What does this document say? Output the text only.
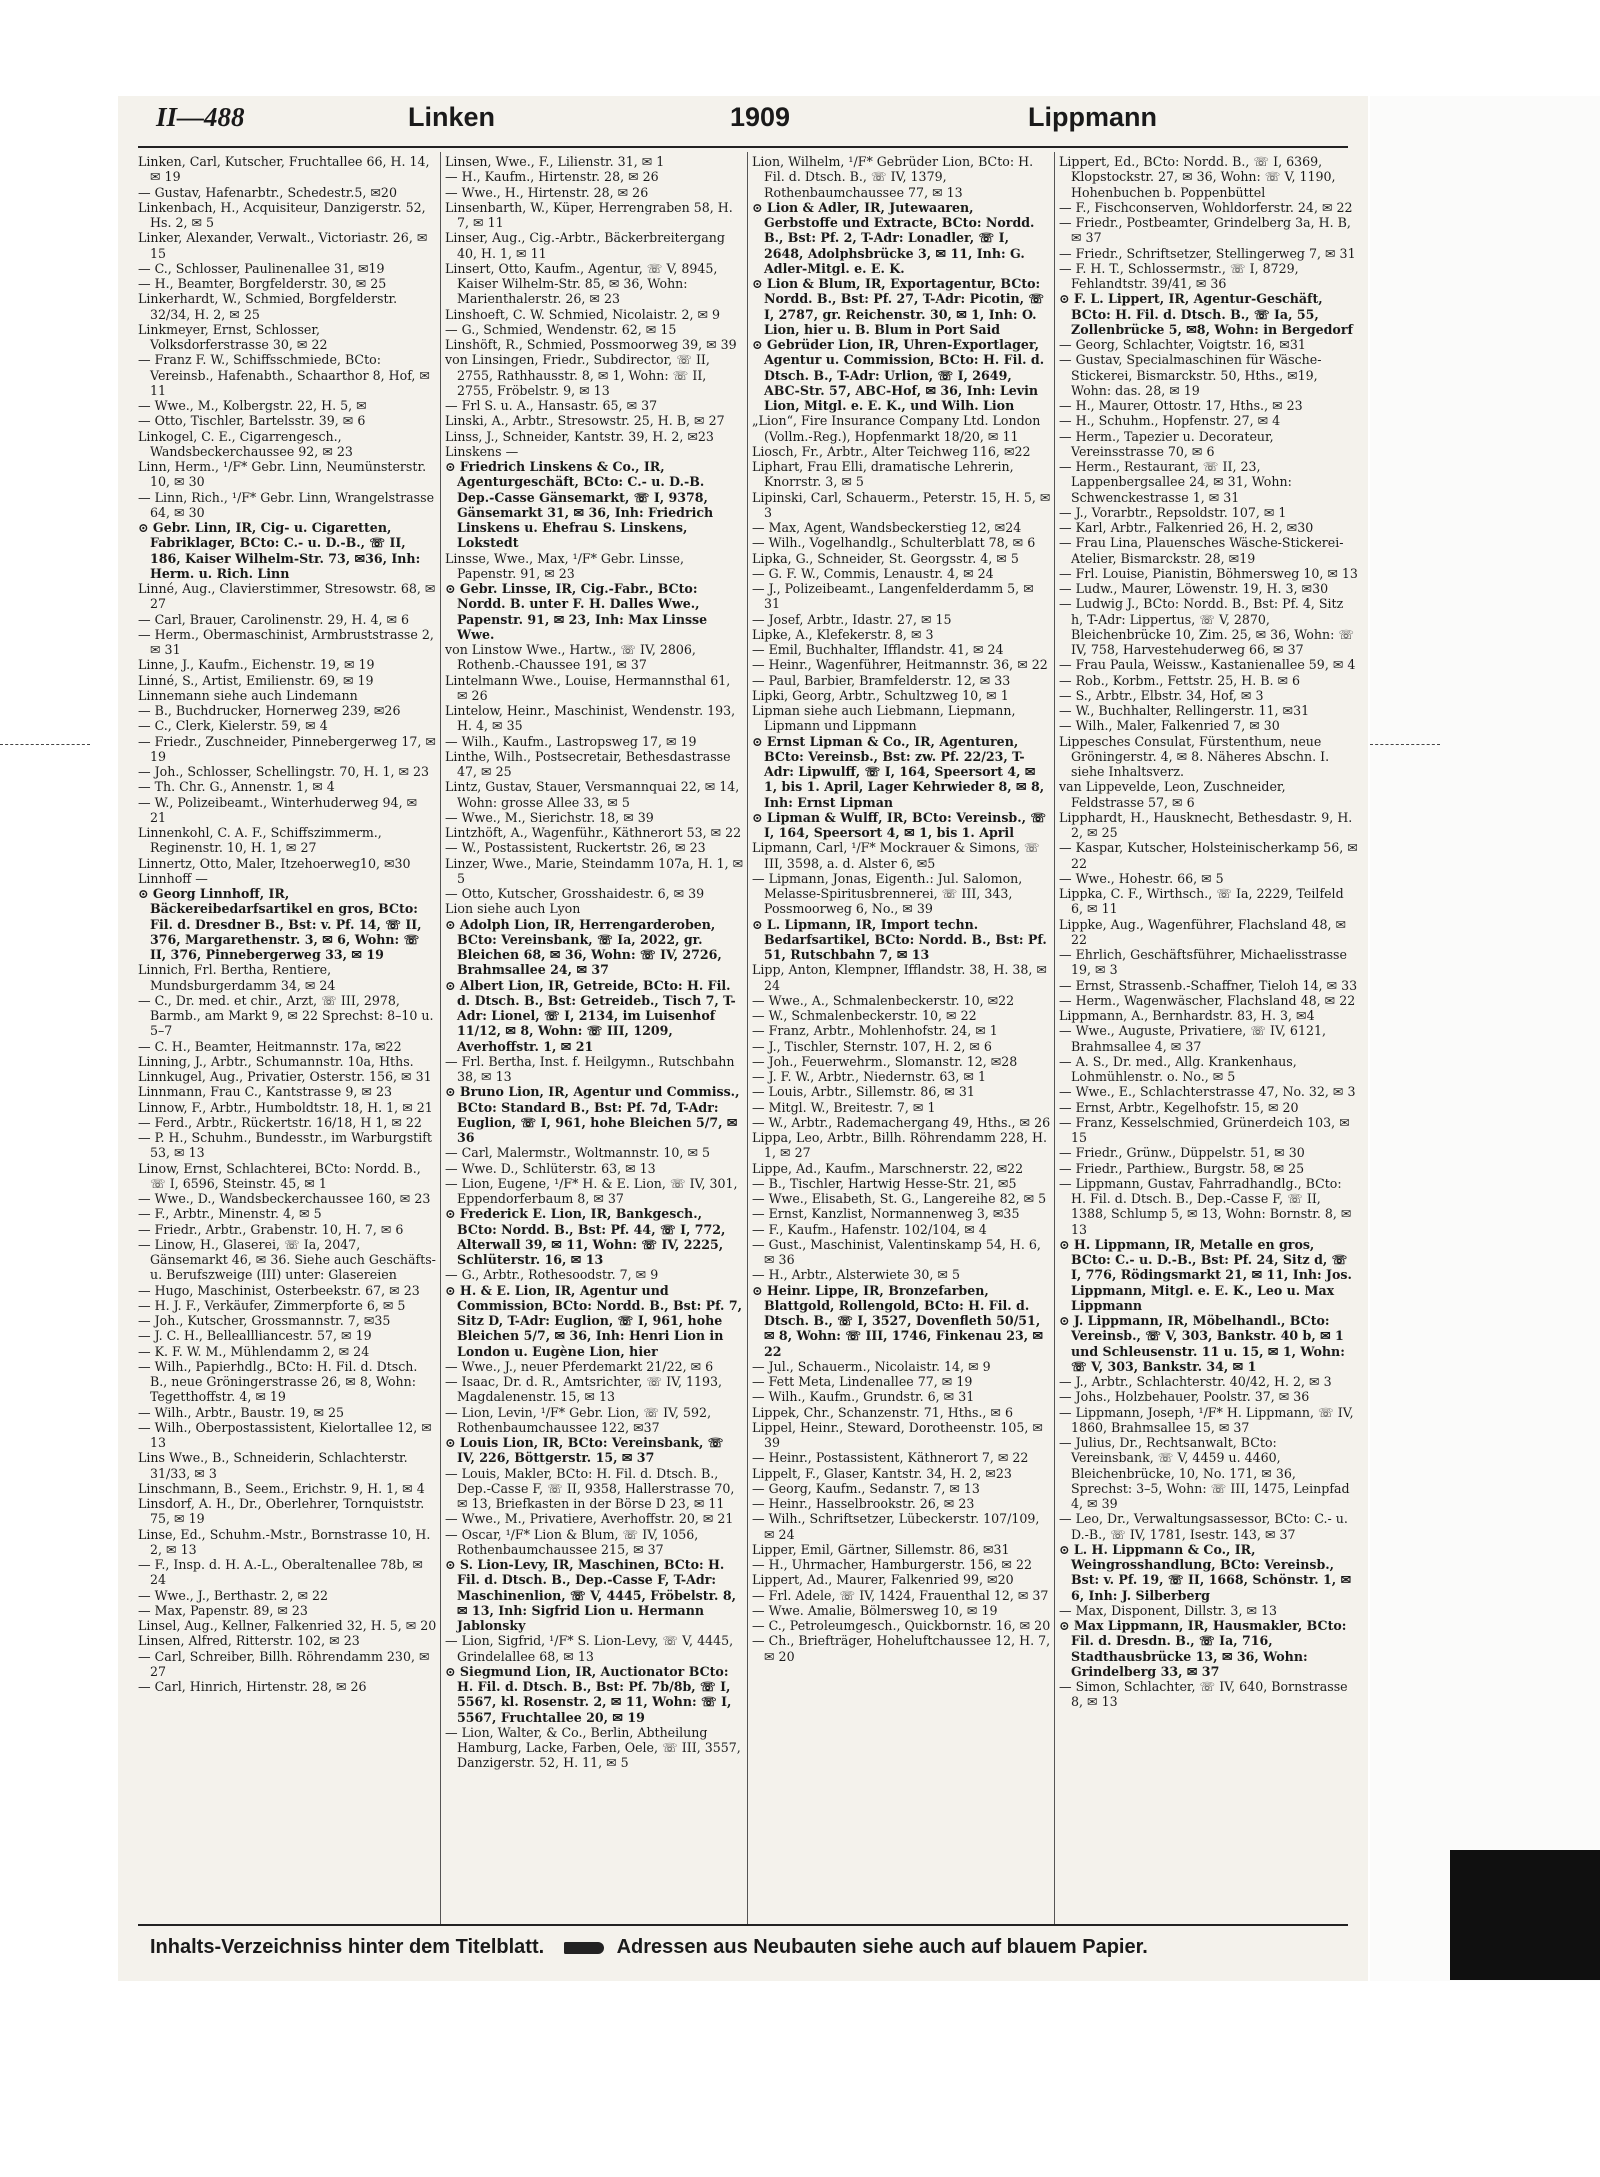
II—488	Linken	1909	Lippmann

Linken, Carl, Kutscher, Fruchtallee 66, H. 14, ✉ 19

— Gustav, Hafenarbtr., Schedestr.5, ✉20

Linkenbach, H., Acquisiteur, Danzigerstr. 52, Hs. 2, ✉ 5

Linker, Alexander, Verwalt., Victoriastr. 26, ✉ 15

— C., Schlosser, Paulinenallee 31, ✉19

— H., Beamter, Borgfelderstr. 30, ✉ 25

Linkerhardt, W., Schmied, Borgfelderstr. 32/34, H. 2, ✉ 25

Linkmeyer, Ernst, Schlosser, Volksdorferstrasse 30, ✉ 22

— Franz F. W., Schiffsschmiede, BCto: Vereinsb., Hafenabth., Schaarthor 8, Hof, ✉ 11

— Wwe., M., Kolbergstr. 22, H. 5, ✉

— Otto, Tischler, Bartelsstr. 39, ✉ 6

Linkogel, C. E., Cigarrengesch., Wandsbeckerchaussee 92, ✉ 23

Linn, Herm., ¹/F* Gebr. Linn, Neumünsterstr. 10, ✉ 30

— Linn, Rich., ¹/F* Gebr. Linn, Wrangelstrasse 64, ✉ 30

⊙ Gebr. Linn, IR, Cig- u. Cigaretten, Fabriklager, BCto: C.- u. D.-B., ☏ II, 186, Kaiser Wilhelm-Str. 73, ✉36, Inh: Herm. u. Rich. Linn

Linné, Aug., Clavierstimmer, Stresowstr. 68, ✉ 27

— Carl, Brauer, Carolinenstr. 29, H. 4, ✉ 6

— Herm., Obermaschinist, Armbruststrasse 2, ✉ 31

Linne, J., Kaufm., Eichenstr. 19, ✉ 19

Linné, S., Artist, Emilienstr. 69, ✉ 19

Linnemann siehe auch Lindemann

— B., Buchdrucker, Hornerweg 239, ✉26

— C., Clerk, Kielerstr. 59, ✉ 4

— Friedr., Zuschneider, Pinnebergerweg 17, ✉ 19

— Joh., Schlosser, Schellingstr. 70, H. 1, ✉ 23

— Th. Chr. G., Annenstr. 1, ✉ 4

— W., Polizeibeamt., Winterhuderweg 94, ✉ 21

Linnenkohl, C. A. F., Schiffszimmerm., Reginenstr. 10, H. 1, ✉ 27

Linnertz, Otto, Maler, Itzehoerweg10, ✉30

Linnhoff —

⊙ Georg Linnhoff, IR, Bäckereibedarfsartikel en gros, BCto: Fil. d. Dresdner B., Bst: v. Pf. 14, ☏ II, 376, Margarethenstr. 3, ✉ 6, Wohn: ☏ II, 376, Pinnebergerweg 33, ✉ 19

Linnich, Frl. Bertha, Rentiere, Mundsburgerdamm 34, ✉ 24

— C., Dr. med. et chir., Arzt, ☏ III, 2978, Barmb., am Markt 9, ✉ 22 Sprechst: 8–10 u. 5–7

— C. H., Beamter, Heitmannstr. 17a, ✉22

Linning, J., Arbtr., Schumannstr. 10a, Hths.

Linnkugel, Aug., Privatier, Osterstr. 156, ✉ 31

Linnmann, Frau C., Kantstrasse 9, ✉ 23

Linnow, F., Arbtr., Humboldtstr. 18, H. 1, ✉ 21

— Ferd., Arbtr., Rückertstr. 16/18, H 1, ✉ 22

— P. H., Schuhm., Bundesstr., im Warburgstift 53, ✉ 13

Linow, Ernst, Schlachterei, BCto: Nordd. B., ☏ I, 6596, Steinstr. 45, ✉ 1

— Wwe., D., Wandsbeckerchaussee 160, ✉ 23

— F., Arbtr., Minenstr. 4, ✉ 5

— Friedr., Arbtr., Grabenstr. 10, H. 7, ✉ 6

— Linow, H., Glaserei, ☏ Ia, 2047, Gänsemarkt 46, ✉ 36. Siehe auch Geschäfts- u. Berufszweige (III) unter: Glasereien

— Hugo, Maschinist, Osterbeekstr. 67, ✉ 23

— H. J. F., Verkäufer, Zimmerpforte 6, ✉ 5

— Joh., Kutscher, Grossmannstr. 7, ✉35

— J. C. H., Belleallliancestr. 57, ✉ 19

— K. F. W. M., Mühlendamm 2, ✉ 24

— Wilh., Papierhdlg., BCto: H. Fil. d. Dtsch. B., neue Gröningerstrasse 26, ✉ 8, Wohn: Tegetthoffstr. 4, ✉ 19

— Wilh., Arbtr., Baustr. 19, ✉ 25

— Wilh., Oberpostassistent, Kielortallee 12, ✉ 13

Lins Wwe., B., Schneiderin, Schlachterstr. 31/33, ✉ 3

Linschmann, B., Seem., Erichstr. 9, H. 1, ✉ 4

Linsdorf, A. H., Dr., Oberlehrer, Tornquiststr. 75, ✉ 19

Linse, Ed., Schuhm.-Mstr., Bornstrasse 10, H. 2, ✉ 13

— F., Insp. d. H. A.-L., Oberaltenallee 78b, ✉ 24

— Wwe., J., Berthastr. 2, ✉ 22

— Max, Papenstr. 89, ✉ 23

Linsel, Aug., Kellner, Falkenried 32, H. 5, ✉ 20

Linsen, Alfred, Ritterstr. 102, ✉ 23

— Carl, Schreiber, Billh. Röhrendamm 230, ✉ 27

— Carl, Hinrich, Hirtenstr. 28, ✉ 26

Linsen, Wwe., F., Lilienstr. 31, ✉ 1

— H., Kaufm., Hirtenstr. 28, ✉ 26

— Wwe., H., Hirtenstr. 28, ✉ 26

Linsenbarth, W., Küper, Herrengraben 58, H. 7, ✉ 11

Linser, Aug., Cig.-Arbtr., Bäckerbreitergang 40, H. 1, ✉ 11

Linsert, Otto, Kaufm., Agentur, ☏ V, 8945, Kaiser Wilhelm-Str. 85, ✉ 36, Wohn: Marienthalerstr. 26, ✉ 23

Linshoeft, C. W. Schmied, Nicolaistr. 2, ✉ 9

— G., Schmied, Wendenstr. 62, ✉ 15

Linshöft, R., Schmied, Possmoorweg 39, ✉ 39

von Linsingen, Friedr., Subdirector, ☏ II, 2755, Rathhausstr. 8, ✉ 1, Wohn: ☏ II, 2755, Fröbelstr. 9, ✉ 13

— Frl S. u. A., Hansastr. 65, ✉ 37

Linski, A., Arbtr., Stresowstr. 25, H. B, ✉ 27

Linss, J., Schneider, Kantstr. 39, H. 2, ✉23

Linskens —

⊙ Friedrich Linskens & Co., IR, Agenturgeschäft, BCto: C.- u. D.-B. Dep.-Casse Gänsemarkt, ☏ I, 9378, Gänsemarkt 31, ✉ 36, Inh: Friedrich Linskens u. Ehefrau S. Linskens, Lokstedt

Linsse, Wwe., Max, ¹/F* Gebr. Linsse, Papenstr. 91, ✉ 23

⊙ Gebr. Linsse, IR, Cig.-Fabr., BCto: Nordd. B. unter F. H. Dalles Wwe., Papenstr. 91, ✉ 23, Inh: Max Linsse Wwe.

von Linstow Wwe., Hartw., ☏ IV, 2806, Rothenb.-Chaussee 191, ✉ 37

Lintelmann Wwe., Louise, Hermannsthal 61, ✉ 26

Lintelow, Heinr., Maschinist, Wendenstr. 193, H. 4, ✉ 35

— Wilh., Kaufm., Lastropsweg 17, ✉ 19

Linthe, Wilh., Postsecretair, Bethesdastrasse 47, ✉ 25

Lintz, Gustav, Stauer, Versmannquai 22, ✉ 14, Wohn: grosse Allee 33, ✉ 5

— Wwe., M., Sierichstr. 18, ✉ 39

Lintzhöft, A., Wagenführ., Käthnerort 53, ✉ 22

— W., Postassistent, Ruckertstr. 26, ✉ 23

Linzer, Wwe., Marie, Steindamm 107a, H. 1, ✉ 5

— Otto, Kutscher, Grosshaidestr. 6, ✉ 39

Lion siehe auch Lyon

⊙ Adolph Lion, IR, Herrengarderoben, BCto: Vereinsbank, ☏ Ia, 2022, gr. Bleichen 68, ✉ 36, Wohn: ☏ IV, 2726, Brahmsallee 24, ✉ 37

⊙ Albert Lion, IR, Getreide, BCto: H. Fil. d. Dtsch. B., Bst: Getreideb., Tisch 7, T-Adr: Lionel, ☏ I, 2134, im Luisenhof 11/12, ✉ 8, Wohn: ☏ III, 1209, Averhoffstr. 1, ✉ 21

— Frl. Bertha, Inst. f. Heilgymn., Rutschbahn 38, ✉ 13

⊙ Bruno Lion, IR, Agentur und Commiss., BCto: Standard B., Bst: Pf. 7d, T-Adr: Euglion, ☏ I, 961, hohe Bleichen 5/7, ✉ 36

— Carl, Malermstr., Woltmannstr. 10, ✉ 5

— Wwe. D., Schlüterstr. 63, ✉ 13

— Lion, Eugene, ¹/F* H. & E. Lion, ☏ IV, 301, Eppendorferbaum 8, ✉ 37

⊙ Frederick E. Lion, IR, Bankgesch., BCto: Nordd. B., Bst: Pf. 44, ☏ I, 772, Alterwall 39, ✉ 11, Wohn: ☏ IV, 2225, Schlüterstr. 16, ✉ 13

— G., Arbtr., Rothesoodstr. 7, ✉ 9

⊙ H. & E. Lion, IR, Agentur und Commission, BCto: Nordd. B., Bst: Pf. 7, Sitz D, T-Adr: Euglion, ☏ I, 961, hohe Bleichen 5/7, ✉ 36, Inh: Henri Lion in London u. Eugène Lion, hier

— Wwe., J., neuer Pferdemarkt 21/22, ✉ 6

— Isaac, Dr. d. R., Amtsrichter, ☏ IV, 1193, Magdalenenstr. 15, ✉ 13

— Lion, Levin, ¹/F* Gebr. Lion, ☏ IV, 592, Rothenbaumchaussee 122, ✉37

⊙ Louis Lion, IR, BCto: Vereinsbank, ☏ IV, 226, Böttgerstr. 15, ✉ 37

— Louis, Makler, BCto: H. Fil. d. Dtsch. B., Dep.-Casse F, ☏ II, 9358, Hallerstrasse 70, ✉ 13, Briefkasten in der Börse D 23, ✉ 11

— Wwe., M., Privatiere, Averhoffstr. 20, ✉ 21

— Oscar, ¹/F* Lion & Blum, ☏ IV, 1056, Rothenbaumchaussee 215, ✉ 37

⊙ S. Lion-Levy, IR, Maschinen, BCto: H. Fil. d. Dtsch. B., Dep.-Casse F, T-Adr: Maschinenlion, ☏ V, 4445, Fröbelstr. 8, ✉ 13, Inh: Sigfrid Lion u. Hermann Jablonsky

— Lion, Sigfrid, ¹/F* S. Lion-Levy, ☏ V, 4445, Grindelallee 68, ✉ 13

⊙ Siegmund Lion, IR, Auctionator BCto: H. Fil. d. Dtsch. B., Bst: Pf. 7b/8b, ☏ I, 5567, kl. Rosenstr. 2, ✉ 11, Wohn: ☏ I, 5567, Fruchtallee 20, ✉ 19

— Lion, Walter, & Co., Berlin, Abtheilung Hamburg, Lacke, Farben, Oele, ☏ III, 3557, Danzigerstr. 52, H. 11, ✉ 5

Lion, Wilhelm, ¹/F* Gebrüder Lion, BCto: H. Fil. d. Dtsch. B., ☏ IV, 1379, Rothenbaumchaussee 77, ✉ 13

⊙ Lion & Adler, IR, Jutewaaren, Gerbstoffe und Extracte, BCto: Nordd. B., Bst: Pf. 2, T-Adr: Lonadler, ☏ I, 2648, Adolphsbrücke 3, ✉ 11, Inh: G. Adler-Mitgl. e. E. K.

⊙ Lion & Blum, IR, Exportagentur, BCto: Nordd. B., Bst: Pf. 27, T-Adr: Picotin, ☏ I, 2787, gr. Reichenstr. 30, ✉ 1, Inh: O. Lion, hier u. B. Blum in Port Said

⊙ Gebrüder Lion, IR, Uhren-Exportlager, Agentur u. Commission, BCto: H. Fil. d. Dtsch. B., T-Adr: Urlion, ☏ I, 2649, ABC-Str. 57, ABC-Hof, ✉ 36, Inh: Levin Lion, Mitgl. e. E. K., und Wilh. Lion

„Lion“, Fire Insurance Company Ltd. London (Vollm.-Reg.), Hopfenmarkt 18/20, ✉ 11

Liosch, Fr., Arbtr., Alter Teichweg 116, ✉22

Liphart, Frau Elli, dramatische Lehrerin, Knorrstr. 3, ✉ 5

Lipinski, Carl, Schauerm., Peterstr. 15, H. 5, ✉ 3

— Max, Agent, Wandsbeckerstieg 12, ✉24

— Wilh., Vogelhandlg., Schulterblatt 78, ✉ 6

Lipka, G., Schneider, St. Georgsstr. 4, ✉ 5

— G. F. W., Commis, Lenaustr. 4, ✉ 24

— J., Polizeibeamt., Langenfelderdamm 5, ✉ 31

— Josef, Arbtr., Idastr. 27, ✉ 15

Lipke, A., Klefekerstr. 8, ✉ 3

— Emil, Buchhalter, Ifflandstr. 41, ✉ 24

— Heinr., Wagenführer, Heitmannstr. 36, ✉ 22

— Paul, Barbier, Bramfelderstr. 12, ✉ 33

Lipki, Georg, Arbtr., Schultzweg 10, ✉ 1

Lipman siehe auch Liebmann, Liepmann, Lipmann und Lippmann

⊙ Ernst Lipman & Co., IR, Agenturen, BCto: Vereinsb., Bst: zw. Pf. 22/23, T-Adr: Lipwulff, ☏ I, 164, Speersort 4, ✉ 1, bis 1. April, Lager Kehrwieder 8, ✉ 8, Inh: Ernst Lipman

⊙ Lipman & Wulff, IR, BCto: Vereinsb., ☏ I, 164, Speersort 4, ✉ 1, bis 1. April

Lipmann, Carl, ¹/F* Mockrauer & Simons, ☏ III, 3598, a. d. Alster 6, ✉5

— Lipmann, Jonas, Eigenth.: Jul. Salomon, Melasse-Spiritusbrennerei, ☏ III, 343, Possmoorweg 6, No., ✉ 39

⊙ L. Lipmann, IR, Import techn. Bedarfsartikel, BCto: Nordd. B., Bst: Pf. 51, Rutschbahn 7, ✉ 13

Lipp, Anton, Klempner, Ifflandstr. 38, H. 38, ✉ 24

— Wwe., A., Schmalenbeckerstr. 10, ✉22

— W., Schmalenbeckerstr. 10, ✉ 22

— Franz, Arbtr., Mohlenhofstr. 24, ✉ 1

— J., Tischler, Sternstr. 107, H. 2, ✉ 6

— Joh., Feuerwehrm., Slomanstr. 12, ✉28

— J. F. W., Arbtr., Niedernstr. 63, ✉ 1

— Louis, Arbtr., Sillemstr. 86, ✉ 31

— Mitgl. W., Breitestr. 7, ✉ 1

— W., Arbtr., Rademachergang 49, Hths., ✉ 26

Lippa, Leo, Arbtr., Billh. Röhrendamm 228, H. 1, ✉ 27

Lippe, Ad., Kaufm., Marschnerstr. 22, ✉22

— B., Tischler, Hartwig Hesse-Str. 21, ✉5

— Wwe., Elisabeth, St. G., Langereihe 82, ✉ 5

— Ernst, Kanzlist, Normannenweg 3, ✉35

— F., Kaufm., Hafenstr. 102/104, ✉ 4

— Gust., Maschinist, Valentinskamp 54, H. 6, ✉ 36

— H., Arbtr., Alsterwiete 30, ✉ 5

⊙ Heinr. Lippe, IR, Bronzefarben, Blattgold, Rollengold, BCto: H. Fil. d. Dtsch. B., ☏ I, 3527, Dovenfleth 50/51, ✉ 8, Wohn: ☏ III, 1746, Finkenau 23, ✉ 22

— Jul., Schauerm., Nicolaistr. 14, ✉ 9

— Fett Meta, Lindenallee 77, ✉ 19

— Wilh., Kaufm., Grundstr. 6, ✉ 31

Lippek, Chr., Schanzenstr. 71, Hths., ✉ 6

Lippel, Heinr., Steward, Dorotheenstr. 105, ✉ 39

— Heinr., Postassistent, Käthnerort 7, ✉ 22

Lippelt, F., Glaser, Kantstr. 34, H. 2, ✉23

— Georg, Kaufm., Sedanstr. 7, ✉ 13

— Heinr., Hasselbrookstr. 26, ✉ 23

— Wilh., Schriftsetzer, Lübeckerstr. 107/109, ✉ 24

Lipper, Emil, Gärtner, Sillemstr. 86, ✉31

— H., Uhrmacher, Hamburgerstr. 156, ✉ 22

Lippert, Ad., Maurer, Falkenried 99, ✉20

— Frl. Adele, ☏ IV, 1424, Frauenthal 12, ✉ 37

— Wwe. Amalie, Bölmersweg 10, ✉ 19

— C., Petroleumgesch., Quickbornstr. 16, ✉ 20

— Ch., Briefträger, Hoheluftchaussee 12, H. 7, ✉ 20

Lippert, Ed., BCto: Nordd. B., ☏ I, 6369, Klopstockstr. 27, ✉ 36, Wohn: ☏ V, 1190, Hohenbuchen b. Poppenbüttel

— F., Fischconserven, Wohldorferstr. 24, ✉ 22

— Friedr., Postbeamter, Grindelberg 3a, H. B, ✉ 37

— Friedr., Schriftsetzer, Stellingerweg 7, ✉ 31

— F. H. T., Schlossermstr., ☏ I, 8729, Fehlandtstr. 39/41, ✉ 36

⊙ F. L. Lippert, IR, Agentur-Geschäft, BCto: H. Fil. d. Dtsch. B., ☏ Ia, 55, Zollenbrücke 5, ✉8, Wohn: in Bergedorf

— Georg, Schlachter, Voigtstr. 16, ✉31

— Gustav, Specialmaschinen für Wäsche-Stickerei, Bismarckstr. 50, Hths., ✉19, Wohn: das. 28, ✉ 19

— H., Maurer, Ottostr. 17, Hths., ✉ 23

— H., Schuhm., Hopfenstr. 27, ✉ 4

— Herm., Tapezier u. Decorateur, Vereinsstrasse 70, ✉ 6

— Herm., Restaurant, ☏ II, 23, Lappenbergsallee 24, ✉ 31, Wohn: Schwenckestrasse 1, ✉ 31

— J., Vorarbtr., Repsoldstr. 107, ✉ 1

— Karl, Arbtr., Falkenried 26, H. 2, ✉30

— Frau Lina, Plauensches Wäsche-Stickerei-Atelier, Bismarckstr. 28, ✉19

— Frl. Louise, Pianistin, Böhmersweg 10, ✉ 13

— Ludw., Maurer, Löwenstr. 19, H. 3, ✉30

— Ludwig J., BCto: Nordd. B., Bst: Pf. 4, Sitz h, T-Adr: Lippertus, ☏ V, 2870, Bleichenbrücke 10, Zim. 25, ✉ 36, Wohn: ☏ IV, 758, Harvestehuderweg 66, ✉ 37

— Frau Paula, Weissw., Kastanienallee 59, ✉ 4

— Rob., Korbm., Fettstr. 25, H. B. ✉ 6

— S., Arbtr., Elbstr. 34, Hof, ✉ 3

— W., Buchhalter, Rellingerstr. 11, ✉31

— Wilh., Maler, Falkenried 7, ✉ 30

Lippesches Consulat, Fürstenthum, neue Gröningerstr. 4, ✉ 8. Näheres Abschn. I. siehe Inhaltsverz.

van Lippevelde, Leon, Zuschneider, Feldstrasse 57, ✉ 6

Lipphardt, H., Hausknecht, Bethesdastr. 9, H. 2, ✉ 25

— Kaspar, Kutscher, Holsteinischerkamp 56, ✉ 22

— Wwe., Hohestr. 66, ✉ 5

Lippka, C. F., Wirthsch., ☏ Ia, 2229, Teilfeld 6, ✉ 11

Lippke, Aug., Wagenführer, Flachsland 48, ✉ 22

— Ehrlich, Geschäftsführer, Michaelisstrasse 19, ✉ 3

— Ernst, Strassenb.-Schaffner, Tieloh 14, ✉ 33

— Herm., Wagenwäscher, Flachsland 48, ✉ 22

Lippmann, A., Bernhardstr. 83, H. 3, ✉4

— Wwe., Auguste, Privatiere, ☏ IV, 6121, Brahmsallee 4, ✉ 37

— A. S., Dr. med., Allg. Krankenhaus, Lohmühlenstr. o. No., ✉ 5

— Wwe., E., Schlachterstrasse 47, No. 32, ✉ 3

— Ernst, Arbtr., Kegelhofstr. 15, ✉ 20

— Franz, Kesselschmied, Grünerdeich 103, ✉ 15

— Friedr., Grünw., Düppelstr. 51, ✉ 30

— Friedr., Parthiew., Burgstr. 58, ✉ 25

— Lippmann, Gustav, Fahrradhandlg., BCto: H. Fil. d. Dtsch. B., Dep.-Casse F, ☏ II, 1388, Schlump 5, ✉ 13, Wohn: Bornstr. 8, ✉ 13

⊙ H. Lippmann, IR, Metalle en gros, BCto: C.- u. D.-B., Bst: Pf. 24, Sitz d, ☏ I, 776, Rödingsmarkt 21, ✉ 11, Inh: Jos. Lippmann, Mitgl. e. E. K., Leo u. Max Lippmann

⊙ J. Lippmann, IR, Möbelhandl., BCto: Vereinsb., ☏ V, 303, Bankstr. 40 b, ✉ 1 und Schleusenstr. 11 u. 15, ✉ 1, Wohn: ☏ V, 303, Bankstr. 34, ✉ 1

— J., Arbtr., Schlachterstr. 40/42, H. 2, ✉ 3

— Johs., Holzbehauer, Poolstr. 37, ✉ 36

— Lippmann, Joseph, ¹/F* H. Lippmann, ☏ IV, 1860, Brahmsallee 15, ✉ 37

— Julius, Dr., Rechtsanwalt, BCto: Vereinsbank, ☏ V, 4459 u. 4460, Bleichenbrücke, 10, No. 171, ✉ 36, Sprechst: 3–5, Wohn: ☏ III, 1475, Leinpfad 4, ✉ 39

— Leo, Dr., Verwaltungsassessor, BCto: C.- u. D.-B., ☏ IV, 1781, Isestr. 143, ✉ 37

⊙ L. H. Lippmann & Co., IR, Weingrosshandlung, BCto: Vereinsb., Bst: v. Pf. 19, ☏ II, 1668, Schönstr. 1, ✉ 6, Inh: J. Silberberg

— Max, Disponent, Dillstr. 3, ✉ 13

⊙ Max Lippmann, IR, Hausmakler, BCto: Fil. d. Dresdn. B., ☏ Ia, 716, Stadthausbrücke 13, ✉ 36, Wohn: Grindelberg 33, ✉ 37

— Simon, Schlachter, ☏ IV, 640, Bornstrasse 8, ✉ 13

Inhalts-Verzeichniss hinter dem Titelblatt.	Adressen aus Neubauten siehe auch auf blauem Papier.
